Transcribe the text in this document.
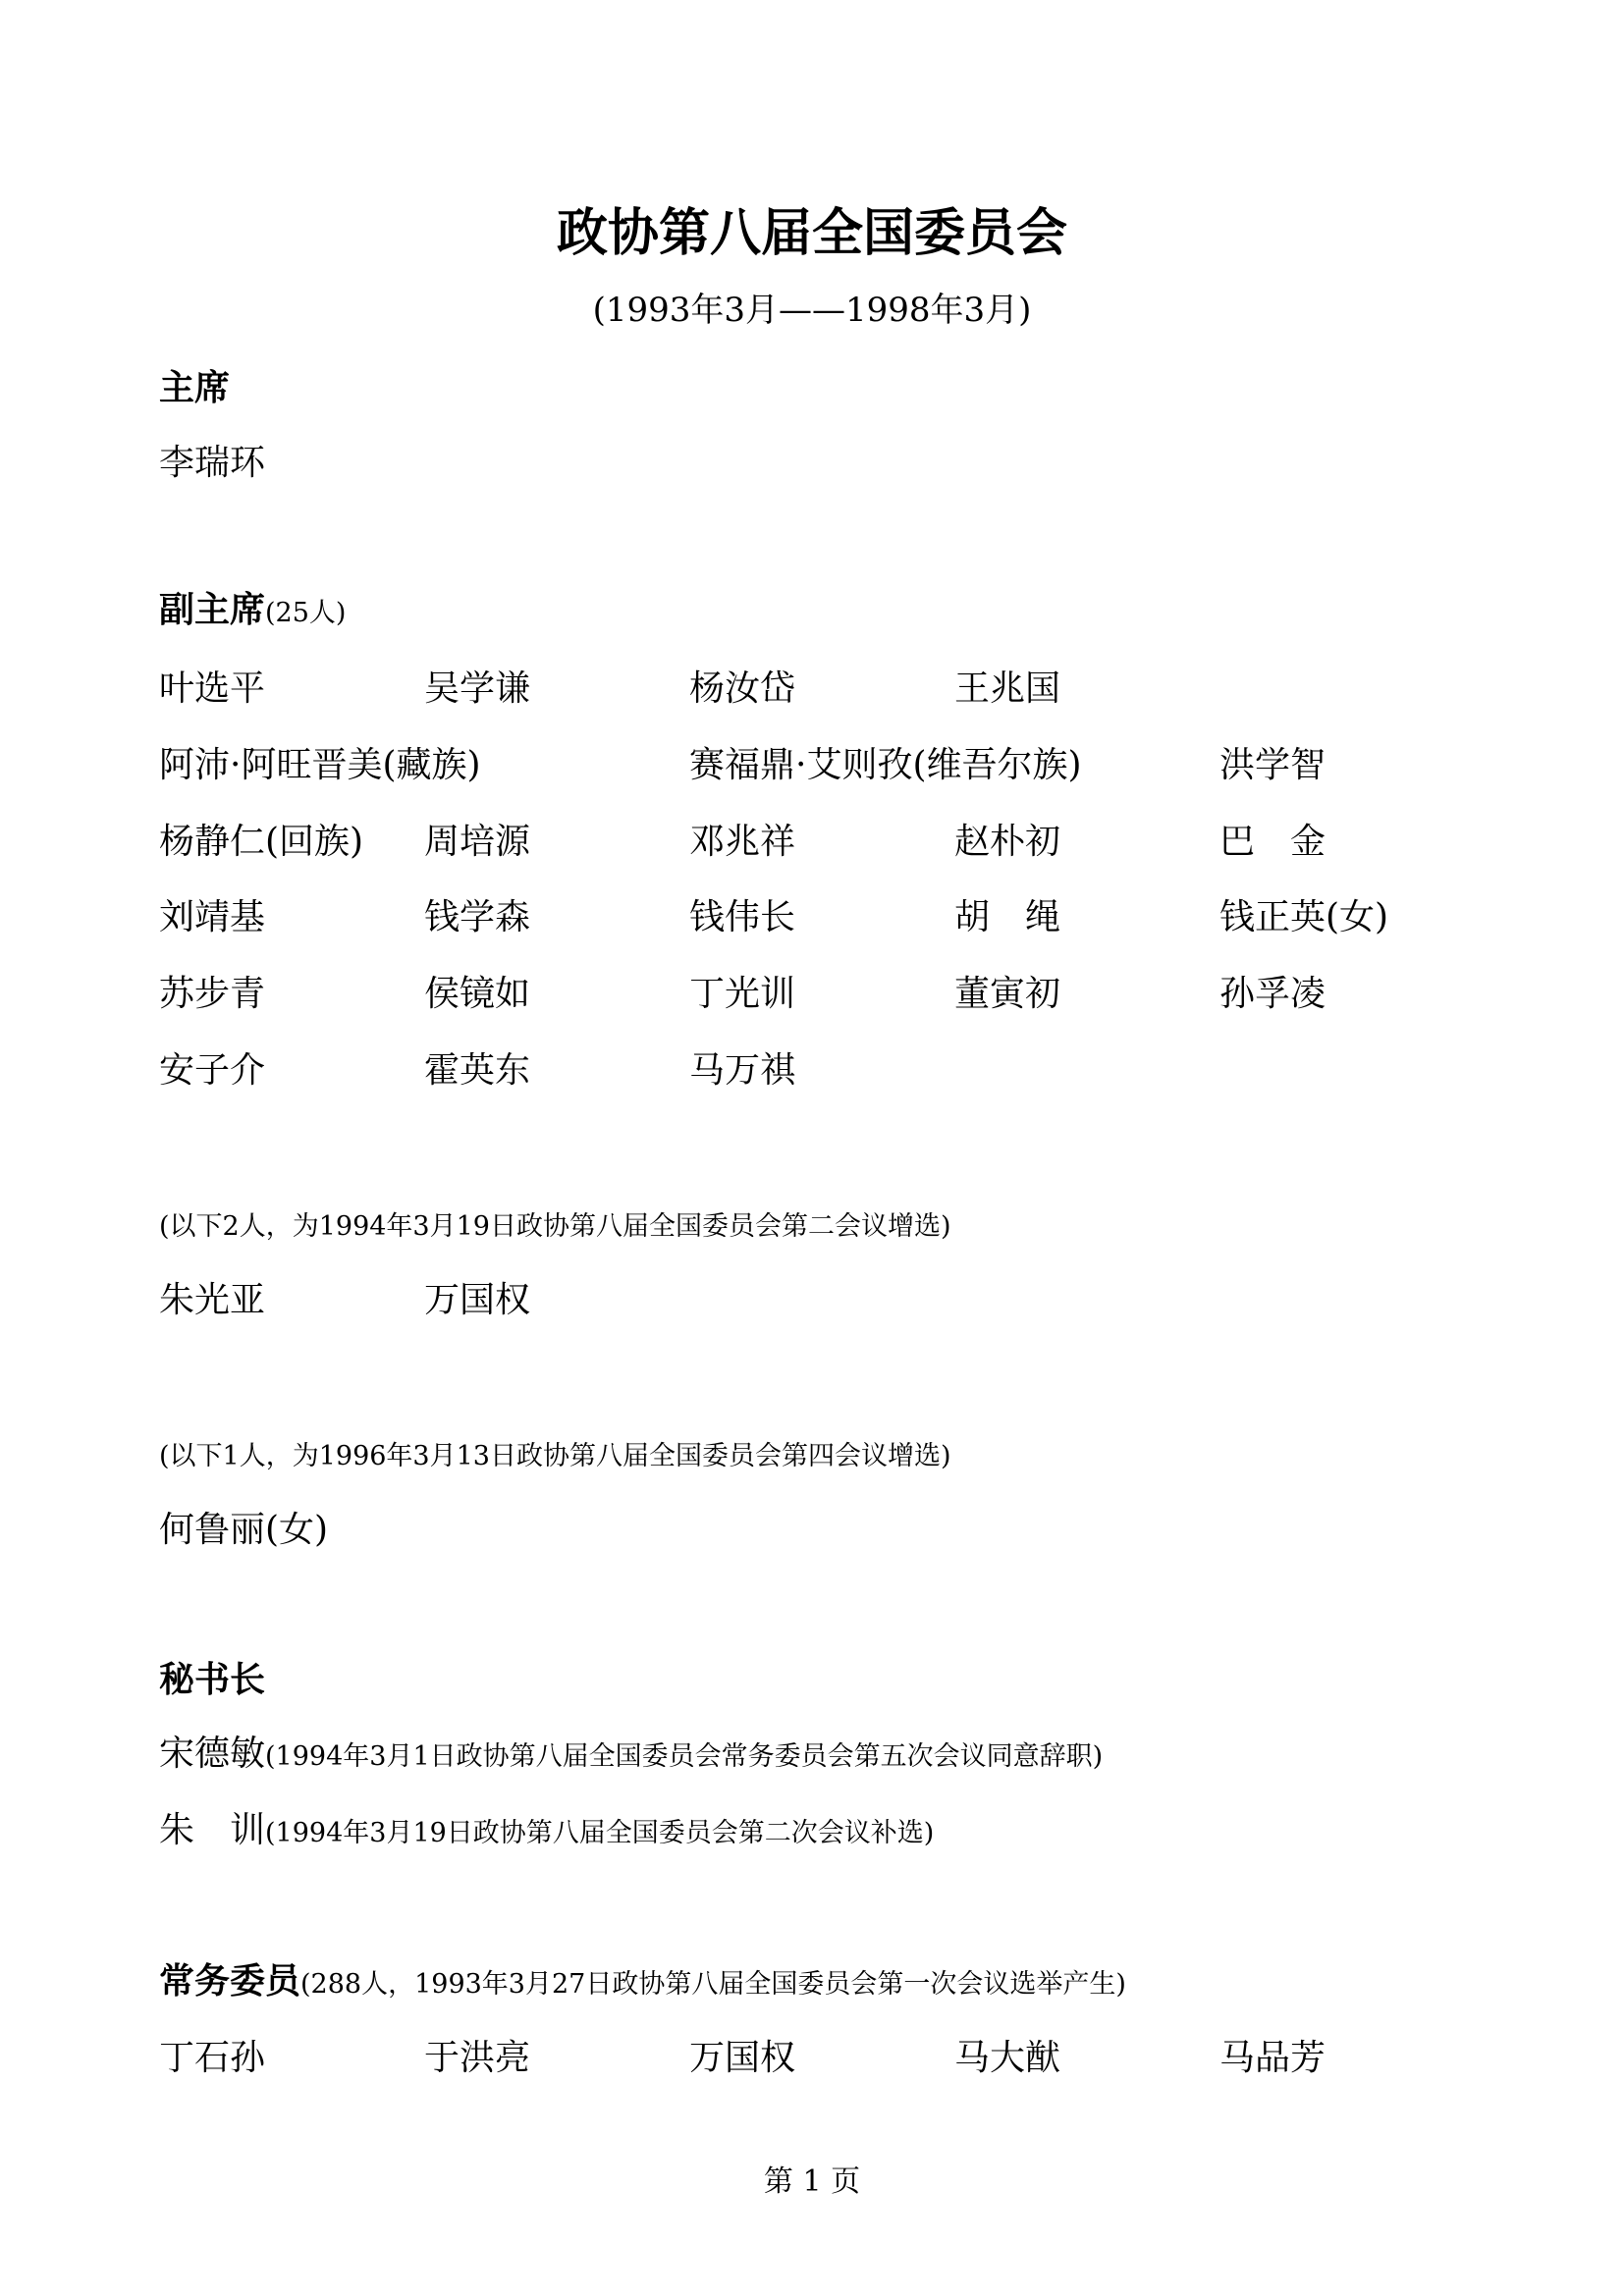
政协第八届全国委员会
(1993年3月——1998年3月)
主席
李瑞环
副主席(25人)
叶选平	吴学谦	杨汝岱	王兆国
阿沛·阿旺晋美(藏族)	赛福鼎·艾则孜(维吾尔族)	洪学智
杨静仁(回族) 周培源	邓兆祥	赵朴初	巴　金
刘靖基	钱学森	钱伟长	胡　绳	钱正英(女)
苏步青	侯镜如	丁光训	董寅初	孙孚凌
安子介	霍英东	马万祺
(以下2人，为1994年3月19日政协第八届全国委员会第二会议增选)
朱光亚	万国权
(以下1人，为1996年3月13日政协第八届全国委员会第四会议增选)
何鲁丽(女)
秘书长
宋德敏(1994年3月1日政协第八届全国委员会常务委员会第五次会议同意辞职)
朱　训(1994年3月19日政协第八届全国委员会第二次会议补选)
常务委员(288人，1993年3月27日政协第八届全国委员会第一次会议选举产生)
丁石孙	于洪亮	万国权	马大猷	马品芳
第 1 页
